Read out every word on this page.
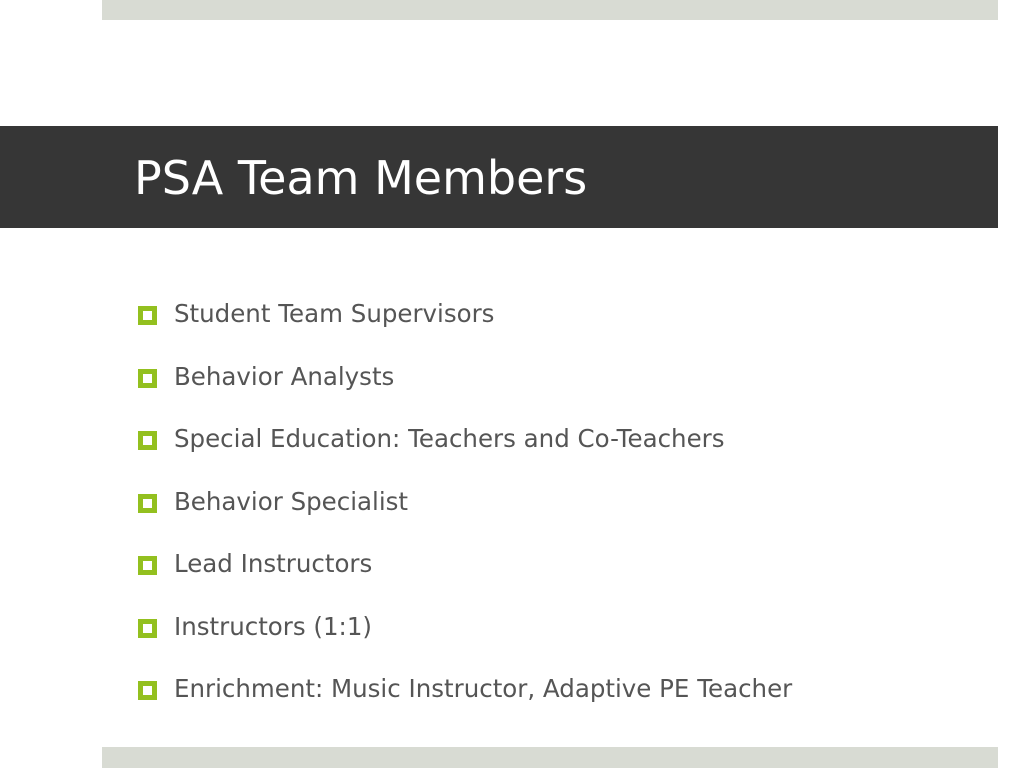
PSA Team Members
Student Team Supervisors
Behavior Analysts
Special Education: Teachers and Co-Teachers
Behavior Specialist
Lead Instructors
Instructors (1:1)
Enrichment: Music Instructor, Adaptive PE Teacher
